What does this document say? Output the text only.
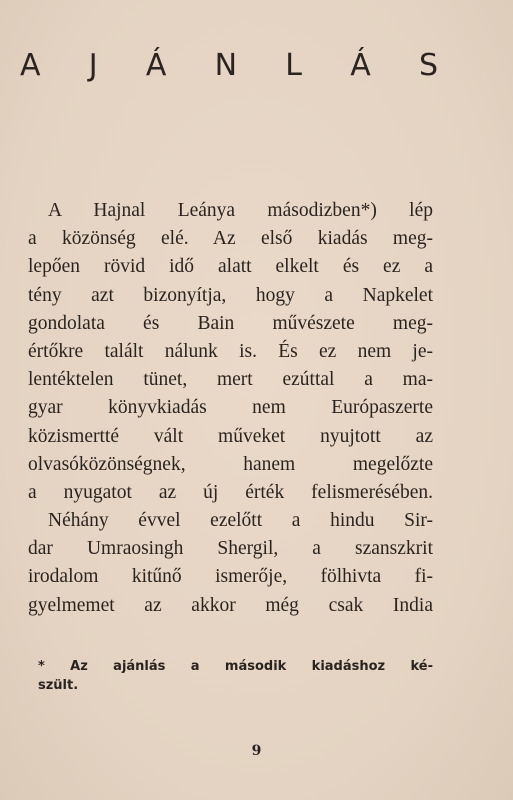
A J Á N L Á S
A Hajnal Leánya másodizben*) lép
a közönség elé. Az első kiadás meg-
lepően rövid idő alatt elkelt és ez a
tény azt bizonyítja, hogy a Napkelet
gondolata és Bain művészete meg-
értőkre talált nálunk is. És ez nem je-
lentéktelen tünet, mert ezúttal a ma-
gyar könyvkiadás nem Európaszerte
közismertté vált műveket nyujtott az
olvasóközönségnek, hanem megelőzte
a nyugatot az új érték felismerésében.
Néhány évvel ezelőtt a hindu Sir-
dar Umraosingh Shergil, a szanszkrit
irodalom kitűnő ismerője, fölhivta fi-
gyelmemet az akkor még csak India
* Az ajánlás a második kiadáshoz ké-
szült.
9
